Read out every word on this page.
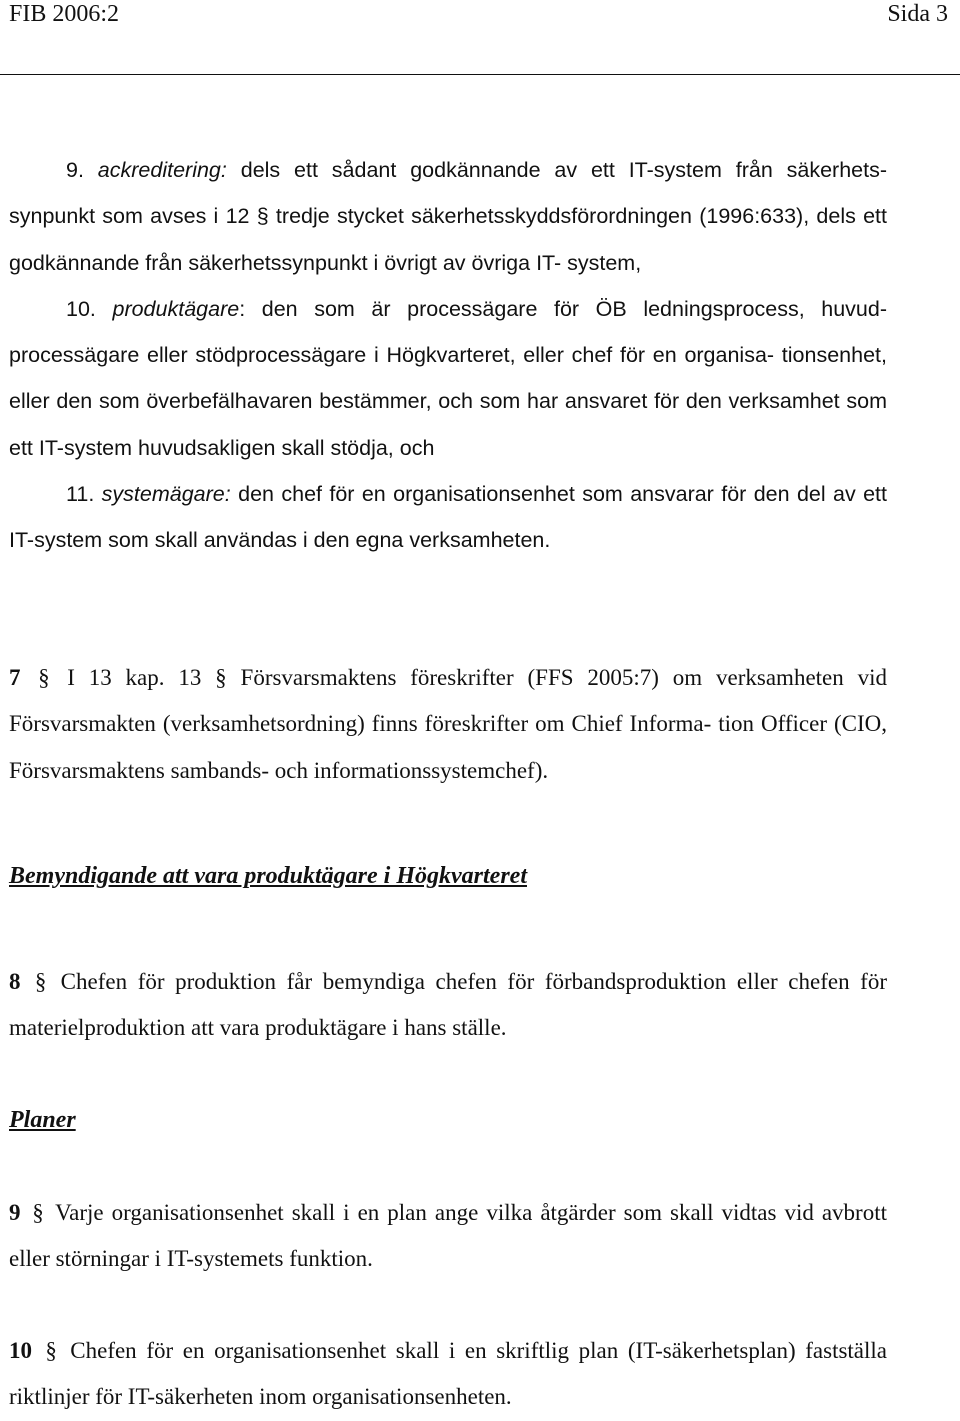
FIB 2006:2	Sida 3

9. ackreditering: dels ett sådant godkännande av ett IT-system från säkerhets- synpunkt som avses i 12 § tredje stycket säkerhetsskyddsförordningen (1996:633), dels ett godkännande från säkerhetssynpunkt i övrigt av övriga IT- system,

10. produktägare: den som är processägare för ÖB ledningsprocess, huvud- processägare eller stödprocessägare i Högkvarteret, eller chef för en organisa- tionsenhet, eller den som överbefälhavaren bestämmer, och som har ansvaret för den verksamhet som ett IT-system huvudsakligen skall stödja, och

11. systemägare: den chef för en organisationsenhet som ansvarar för den del av ett IT-system som skall användas i den egna verksamheten.

7 § I 13 kap. 13 § Försvarsmaktens föreskrifter (FFS 2005:7) om verksamheten vid Försvarsmakten (verksamhetsordning) finns föreskrifter om Chief Informa- tion Officer (CIO, Försvarsmaktens sambands- och informationssystemchef).

Bemyndigande att vara produktägare i Högkvarteret

8 § Chefen för produktion får bemyndiga chefen för förbandsproduktion eller chefen för materielproduktion att vara produktägare i hans ställe.

Planer

9 § Varje organisationsenhet skall i en plan ange vilka åtgärder som skall vidtas vid avbrott eller störningar i IT-systemets funktion.

10 § Chefen för en organisationsenhet skall i en skriftlig plan (IT-säkerhetsplan) fastställa riktlinjer för IT-säkerheten inom organisationsenheten.
